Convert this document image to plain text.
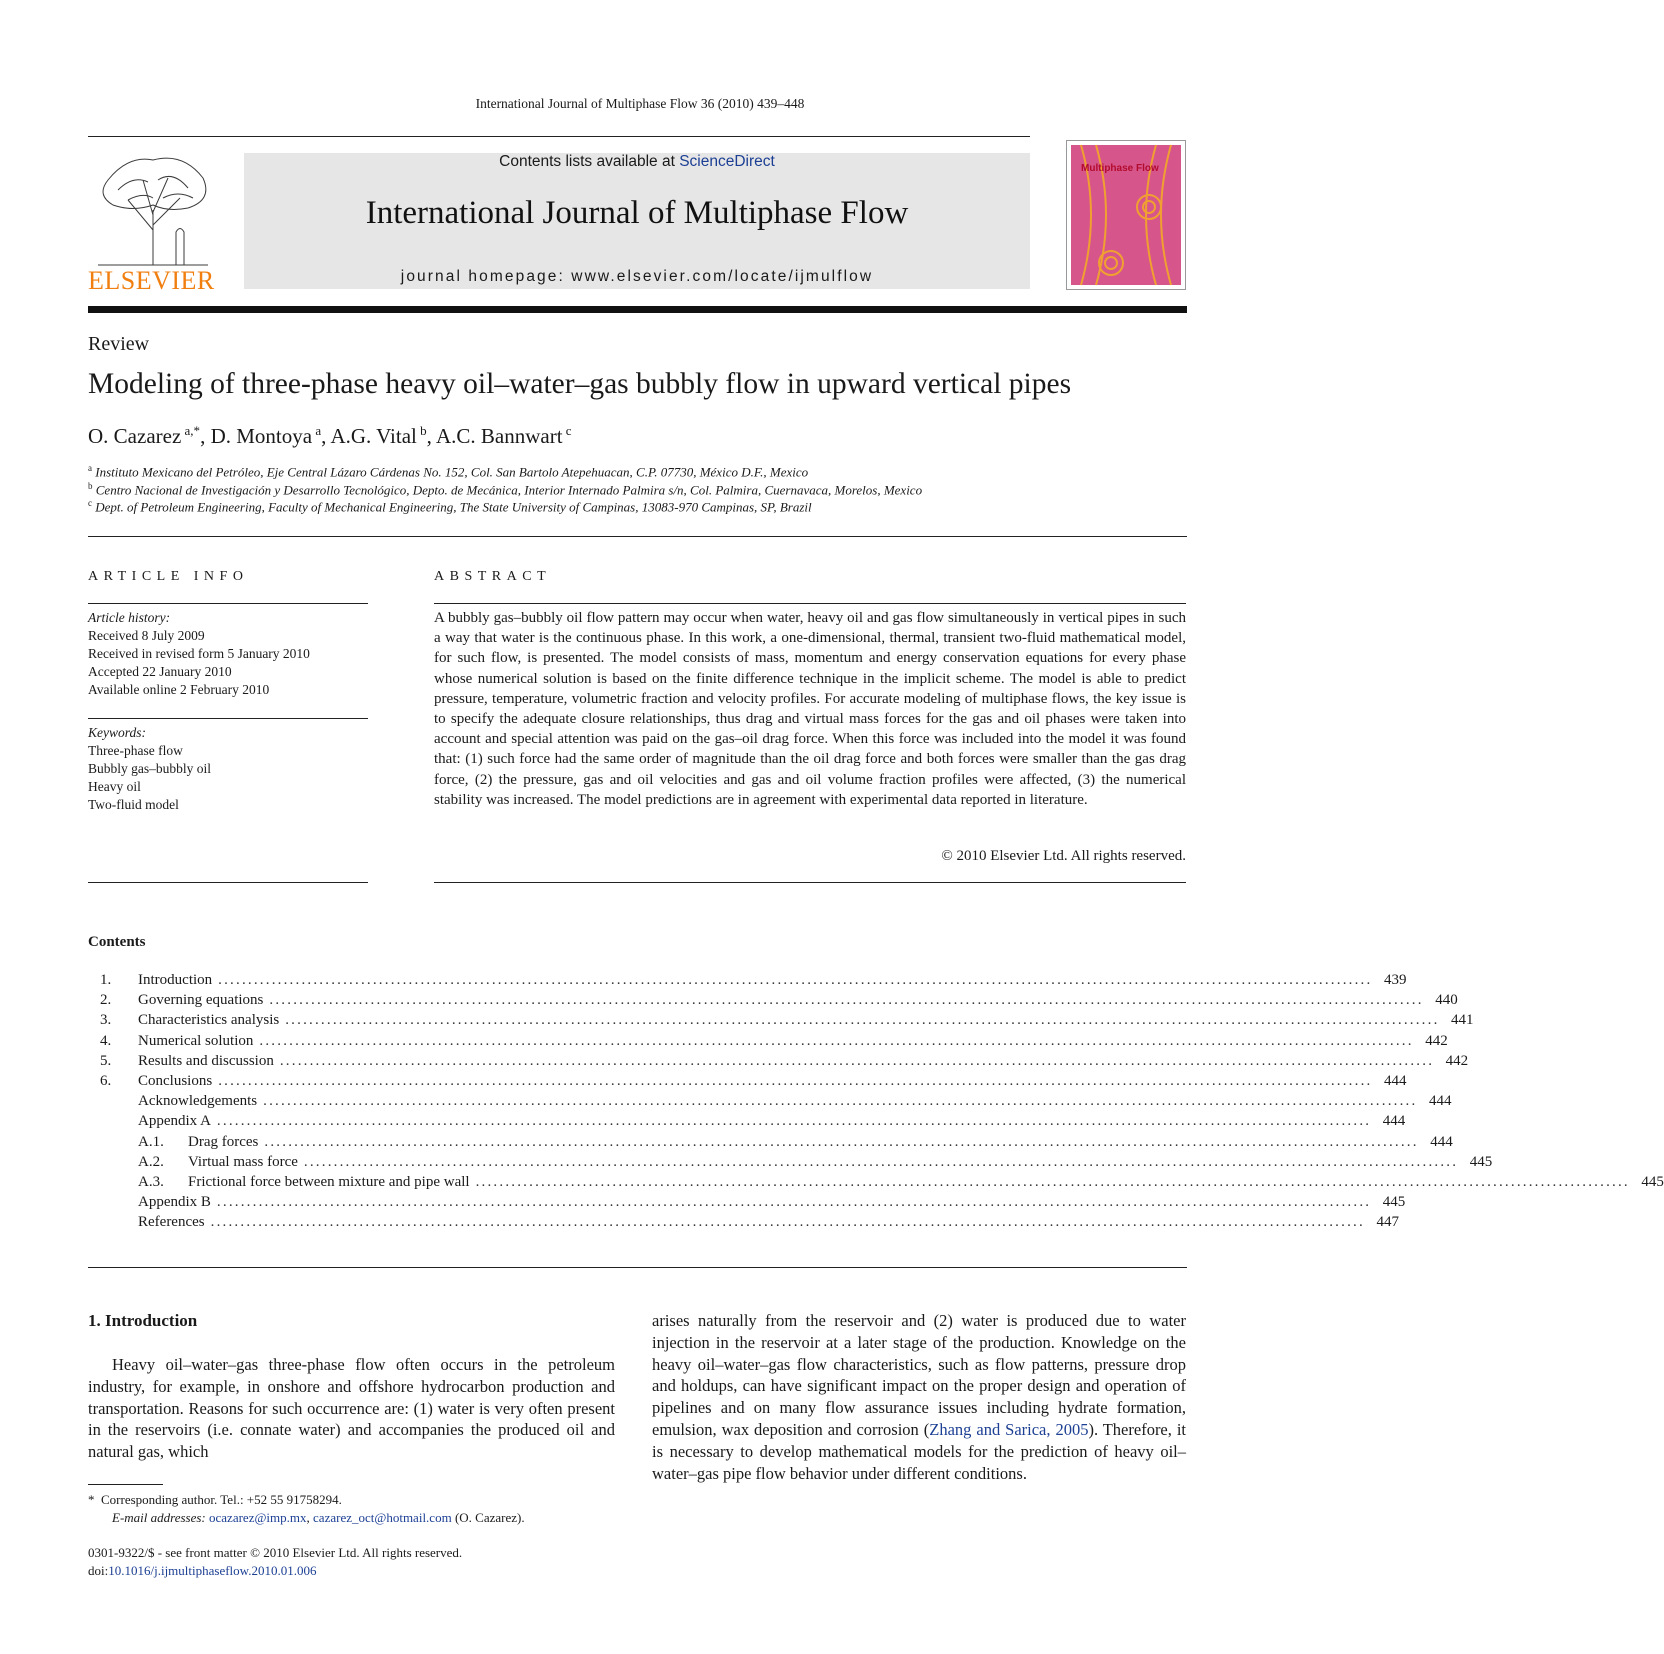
International Journal of Multiphase Flow 36 (2010) 439–448
ELSEVIER
Contents lists available at ScienceDirect
International Journal of Multiphase Flow
journal homepage: www.elsevier.com/locate/ijmulflow
Multiphase Flow
Review
Modeling of three-phase heavy oil–water–gas bubbly flow in upward vertical pipes
O. Cazarez $^{a,*}$, D. Montoya $^a$, A.G. Vital $^b$, A.C. Bannwart $^c$
$^a$ Instituto Mexicano del Petróleo, Eje Central Lázaro Cárdenas No. 152, Col. San Bartolo Atepehuacan, C.P. 07730, México D.F., Mexico
$^b$ Centro Nacional de Investigación y Desarrollo Tecnológico, Depto. de Mecánica, Interior Internado Palmira s/n, Col. Palmira, Cuernavaca, Morelos, Mexico
$^c$ Dept. of Petroleum Engineering, Faculty of Mechanical Engineering, The State University of Campinas, 13083-970 Campinas, SP, Brazil
ARTICLE INFO
Article history:
Received 8 July 2009
Received in revised form 5 January 2010
Accepted 22 January 2010
Available online 2 February 2010
Keywords:
Three-phase flow
Bubbly gas–bubbly oil
Heavy oil
Two-fluid model
ABSTRACT
A bubbly gas–bubbly oil flow pattern may occur when water, heavy oil and gas flow simultaneously in vertical pipes in such a way that water is the continuous phase. In this work, a one-dimensional, thermal, transient two-fluid mathematical model, for such flow, is presented. The model consists of mass, momentum and energy conservation equations for every phase whose numerical solution is based on the finite difference technique in the implicit scheme. The model is able to predict pressure, temperature, volumetric fraction and velocity profiles. For accurate modeling of multiphase flows, the key issue is to specify the adequate closure relationships, thus drag and virtual mass forces for the gas and oil phases were taken into account and special attention was paid on the gas–oil drag force. When this force was included into the model it was found that: (1) such force had the same order of magnitude than the oil drag force and both forces were smaller than the gas drag force, (2) the pressure, gas and oil velocities and gas and oil volume fraction profiles were affected, (3) the numerical stability was increased. The model predictions are in agreement with experimental data reported in literature.
© 2010 Elsevier Ltd. All rights reserved.
Contents
1.	Introduction .................................................................................................................................................................................................. 439
2.	Governing equations .................................................................................................................................................................................................. 440
3.	Characteristics analysis .................................................................................................................................................................................................. 441
4.	Numerical solution .................................................................................................................................................................................................. 442
5.	Results and discussion .................................................................................................................................................................................................. 442
6.	Conclusions .................................................................................................................................................................................................. 444
Acknowledgements .................................................................................................................................................................................................. 444
Appendix A .................................................................................................................................................................................................. 444
A.1.	Drag forces .................................................................................................................................................................................................. 444
A.2.	Virtual mass force .................................................................................................................................................................................................. 445
A.3.	Frictional force between mixture and pipe wall .................................................................................................................................................................................................. 445
Appendix B .................................................................................................................................................................................................. 445
References .................................................................................................................................................................................................. 447
1. Introduction
Heavy oil–water–gas three-phase flow often occurs in the petroleum industry, for example, in onshore and offshore hydrocarbon production and transportation. Reasons for such occurrence are: (1) water is very often present in the reservoirs (i.e. connate water) and accompanies the produced oil and natural gas, which
arises naturally from the reservoir and (2) water is produced due to water injection in the reservoir at a later stage of the production. Knowledge on the heavy oil–water–gas flow characteristics, such as flow patterns, pressure drop and holdups, can have significant impact on the proper design and operation of pipelines and on many flow assurance issues including hydrate formation, emulsion, wax deposition and corrosion (Zhang and Sarica, 2005). Therefore, it is necessary to develop mathematical models for the prediction of heavy oil–water–gas pipe flow behavior under different conditions.
* Corresponding author. Tel.: +52 55 91758294.
E-mail addresses: ocazarez@imp.mx, cazarez_oct@hotmail.com (O. Cazarez).
0301-9322/$ - see front matter © 2010 Elsevier Ltd. All rights reserved.
doi:10.1016/j.ijmultiphaseflow.2010.01.006
